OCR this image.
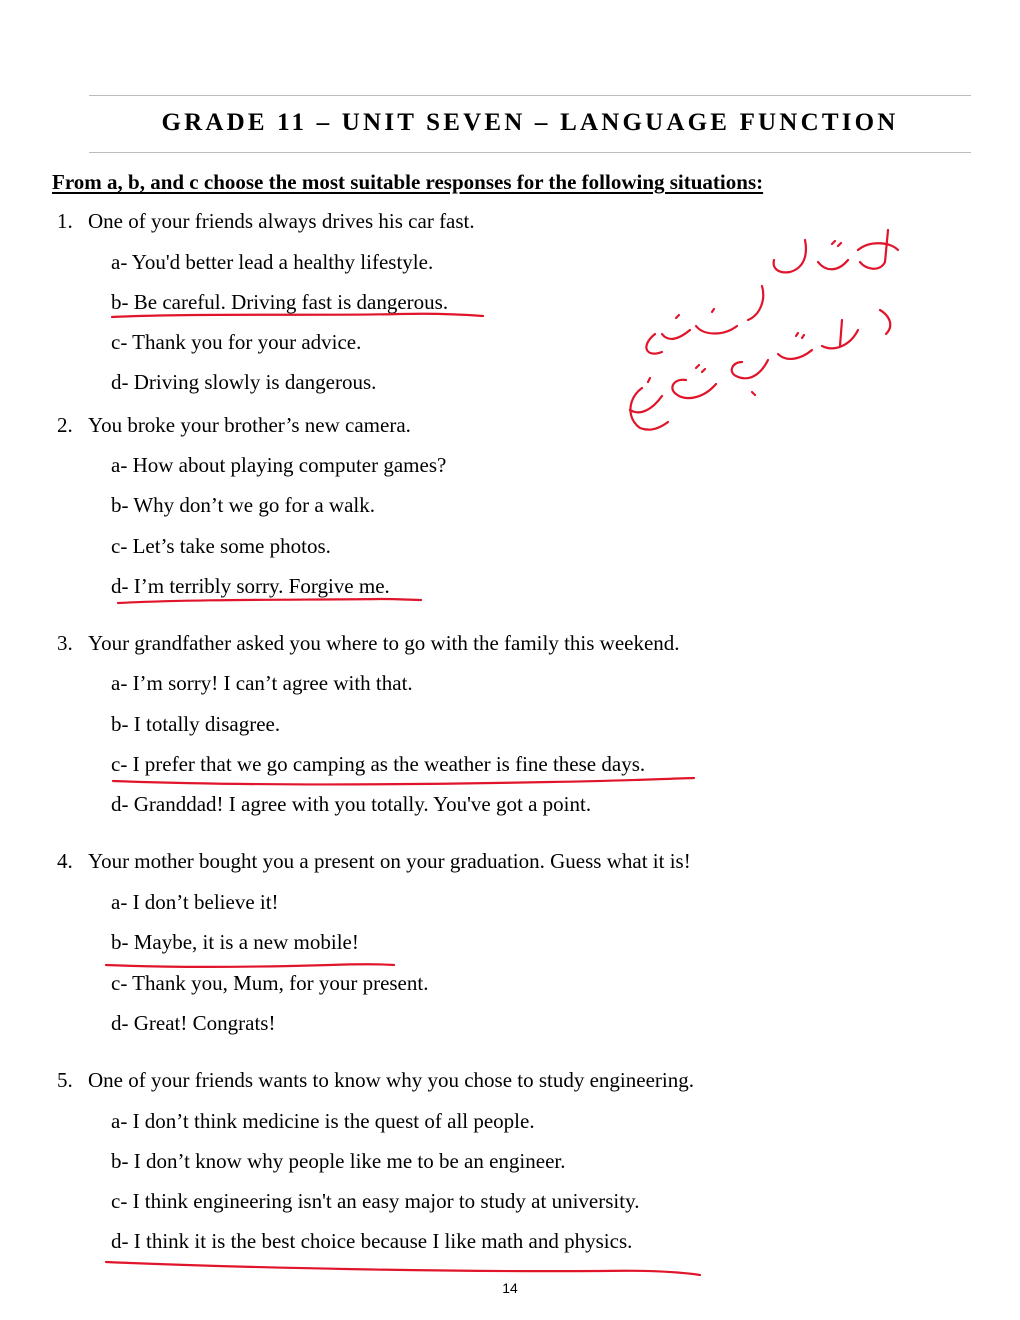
GRADE 11 – UNIT SEVEN – LANGUAGE FUNCTION
From a, b, and c choose the most suitable responses for the following situations:
1. One of your friends always drives his car fast.
a- You'd better lead a healthy lifestyle.
b- Be careful. Driving fast is dangerous.
c- Thank you for your advice.
d- Driving slowly is dangerous.
2. You broke your brother’s new camera.
a- How about playing computer games?
b- Why don’t we go for a walk.
c- Let’s take some photos.
d- I’m terribly sorry. Forgive me.
3. Your grandfather asked you where to go with the family this weekend.
a- I’m sorry! I can’t agree with that.
b- I totally disagree.
c- I prefer that we go camping as the weather is fine these days.
d- Granddad! I agree with you totally. You've got a point.
4. Your mother bought you a present on your graduation. Guess what it is!
a- I don’t believe it!
b- Maybe, it is a new mobile!
c- Thank you, Mum, for your present.
d- Great! Congrats!
5. One of your friends wants to know why you chose to study engineering.
a- I don’t think medicine is the quest of all people.
b- I don’t know why people like me to be an engineer.
c- I think engineering isn't an easy major to study at university.
d- I think it is the best choice because I like math and physics.
14
